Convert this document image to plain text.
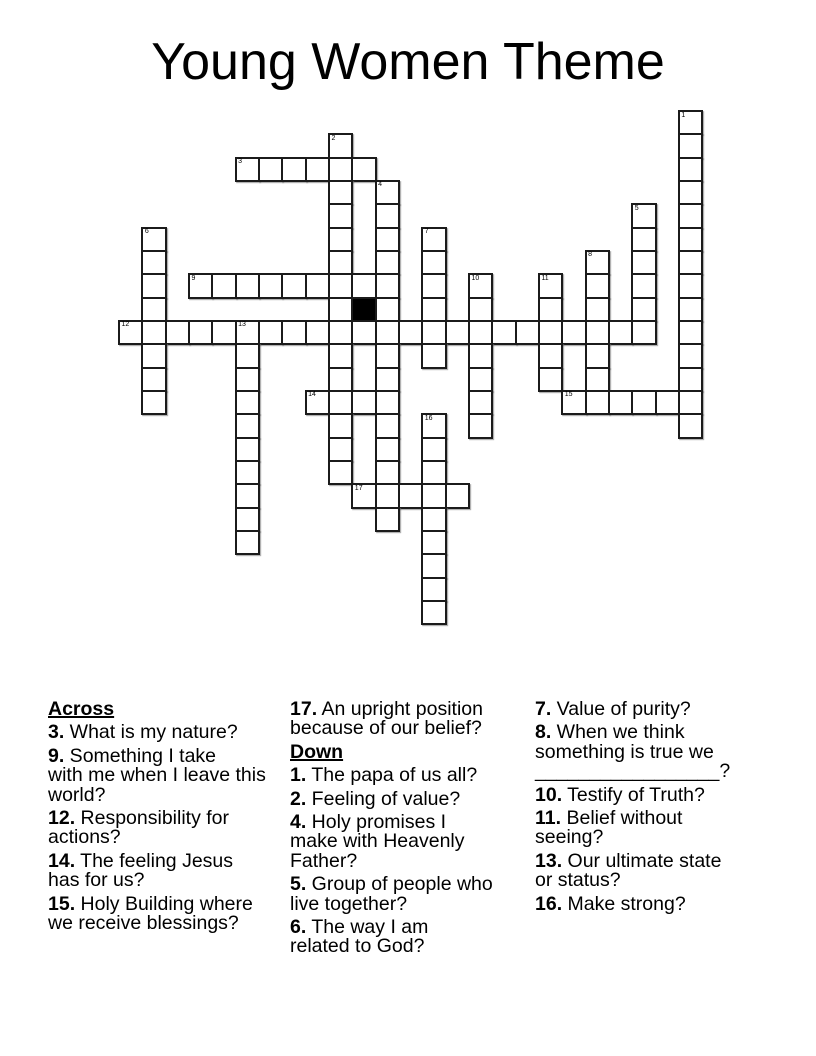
Young Women Theme
1
2
3
4
5
6	7
8
9	10	11
12	13
14	15
16
17
Across

3. What is my nature?

9. Something I take
with me when I leave this
world?

12. Responsibility for
actions?

14. The feeling Jesus
has for us?

15. Holy Building where
we receive blessings?

17. An upright position
because of our belief?

Down

1. The papa of us all?

2. Feeling of value?

4. Holy promises I
make with Heavenly
Father?

5. Group of people who
live together?

6. The way I am
related to God?

7. Value of purity?

8. When we think
something is true we
_________________?

10. Testify of Truth?

11. Belief without
seeing?

13. Our ultimate state
or status?

16. Make strong?
